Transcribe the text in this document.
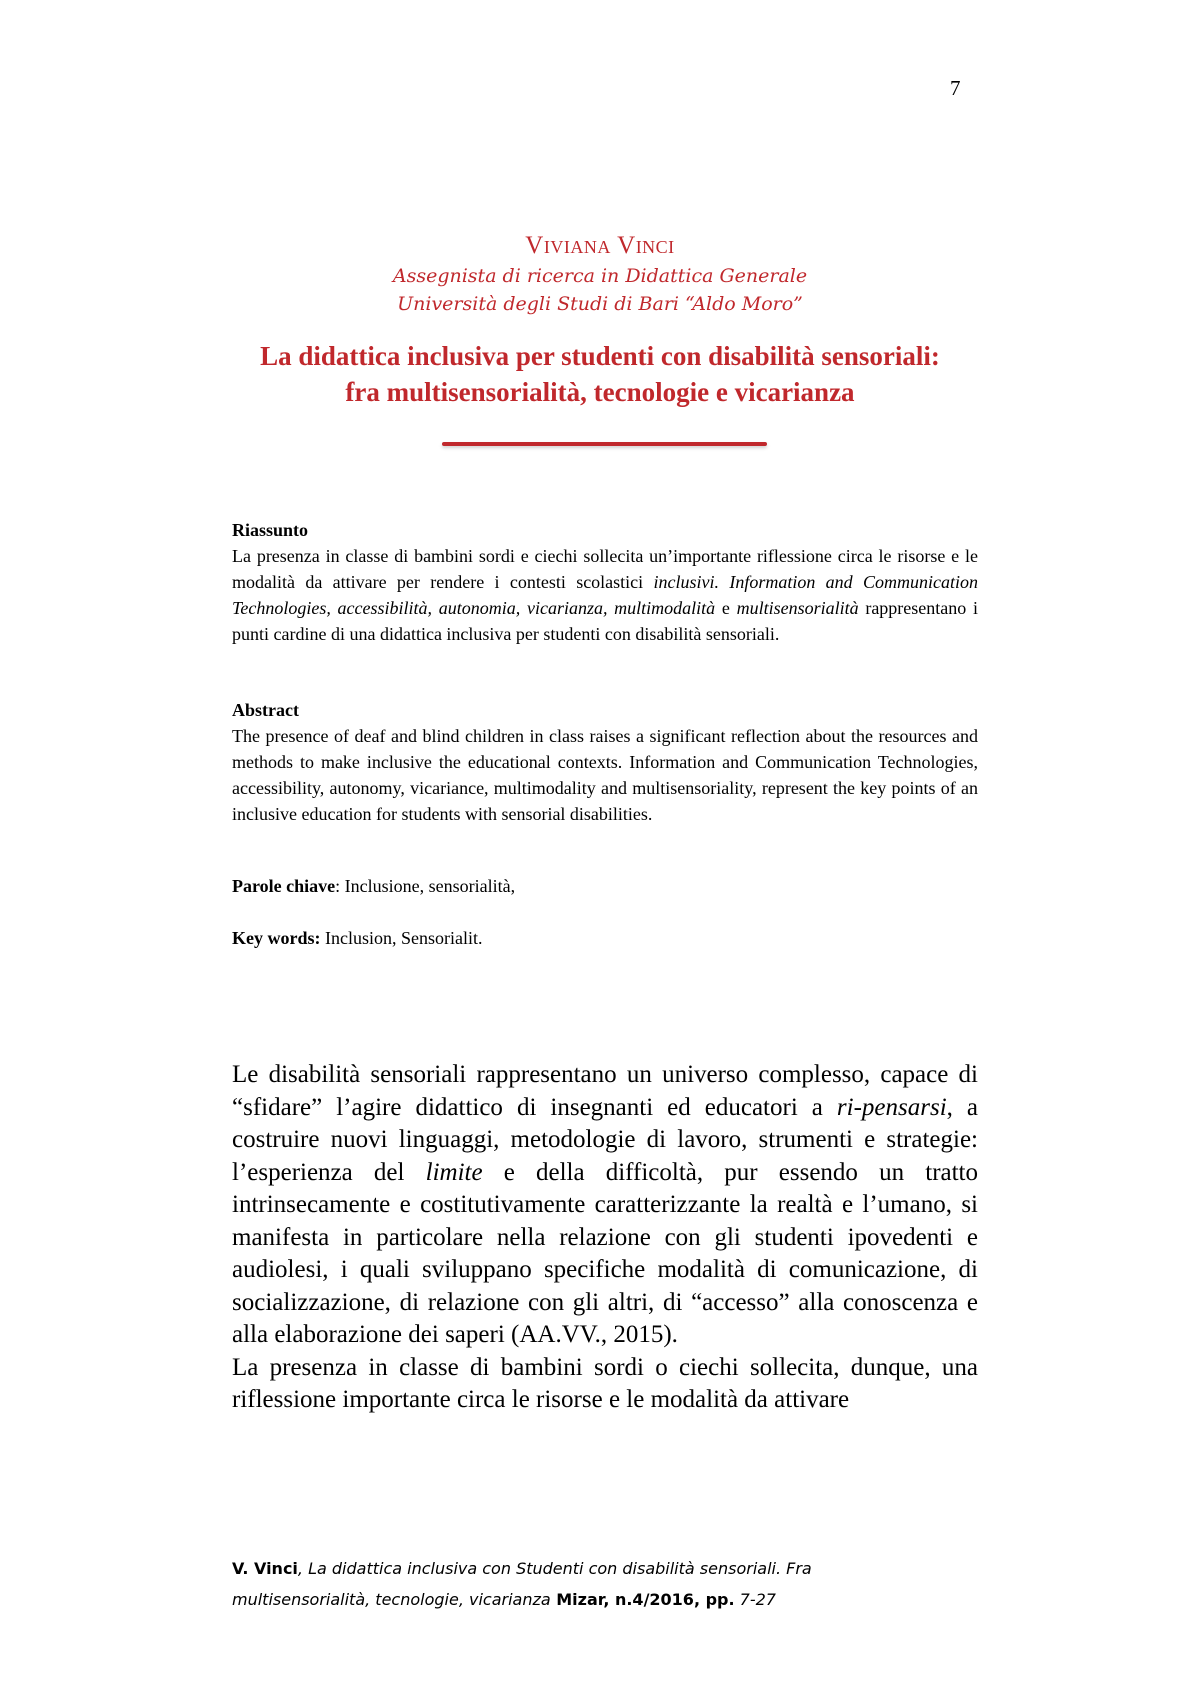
7
Viviana Vinci
Assegnista di ricerca in Didattica Generale
Università degli Studi di Bari “Aldo Moro”
La didattica inclusiva per studenti con disabilità sensoriali:
fra multisensorialità, tecnologie e vicarianza
Riassunto
La presenza in classe di bambini sordi e ciechi sollecita un’importante riflessione circa le risorse e le modalità da attivare per rendere i contesti scolastici inclusivi. Information and Communication Technologies, accessibilità, autonomia, vicarianza, multimodalità e multisensorialità rappresentano i punti cardine di una didattica inclusiva per studenti con disabilità sensoriali.
Abstract
The presence of deaf and blind children in class raises a significant reflection about the resources and methods to make inclusive the educational contexts. Information and Communication Technologies, accessibility, autonomy, vicariance, multimodality and multisensoriality, represent the key points of an inclusive education for students with sensorial disabilities.
Parole chiave: Inclusione, sensorialità,
Key words: Inclusion, Sensorialit.

Le disabilità sensoriali rappresentano un universo complesso, capace di “sfidare” l’agire didattico di insegnanti ed educatori a ri-pensarsi, a costruire nuovi linguaggi, metodologie di lavoro, strumenti e strategie: l’esperienza del limite e della difficoltà, pur essendo un tratto intrinsecamente e costitutivamente caratterizzante la realtà e l’umano, si manifesta in particolare nella relazione con gli studenti ipovedenti e audiolesi, i quali sviluppano specifiche modalità di comunicazione, di socializzazione, di relazione con gli altri, di “accesso” alla conoscenza e alla elaborazione dei saperi (AA.VV., 2015).

La presenza in classe di bambini sordi o ciechi sollecita, dunque, una riflessione importante circa le risorse e le modalità da attivare

V. Vinci, La didattica inclusiva con Studenti con disabilità sensoriali. Fra multisensorialità, tecnologie, vicarianza Mizar, n.4/2016, pp. 7-27
